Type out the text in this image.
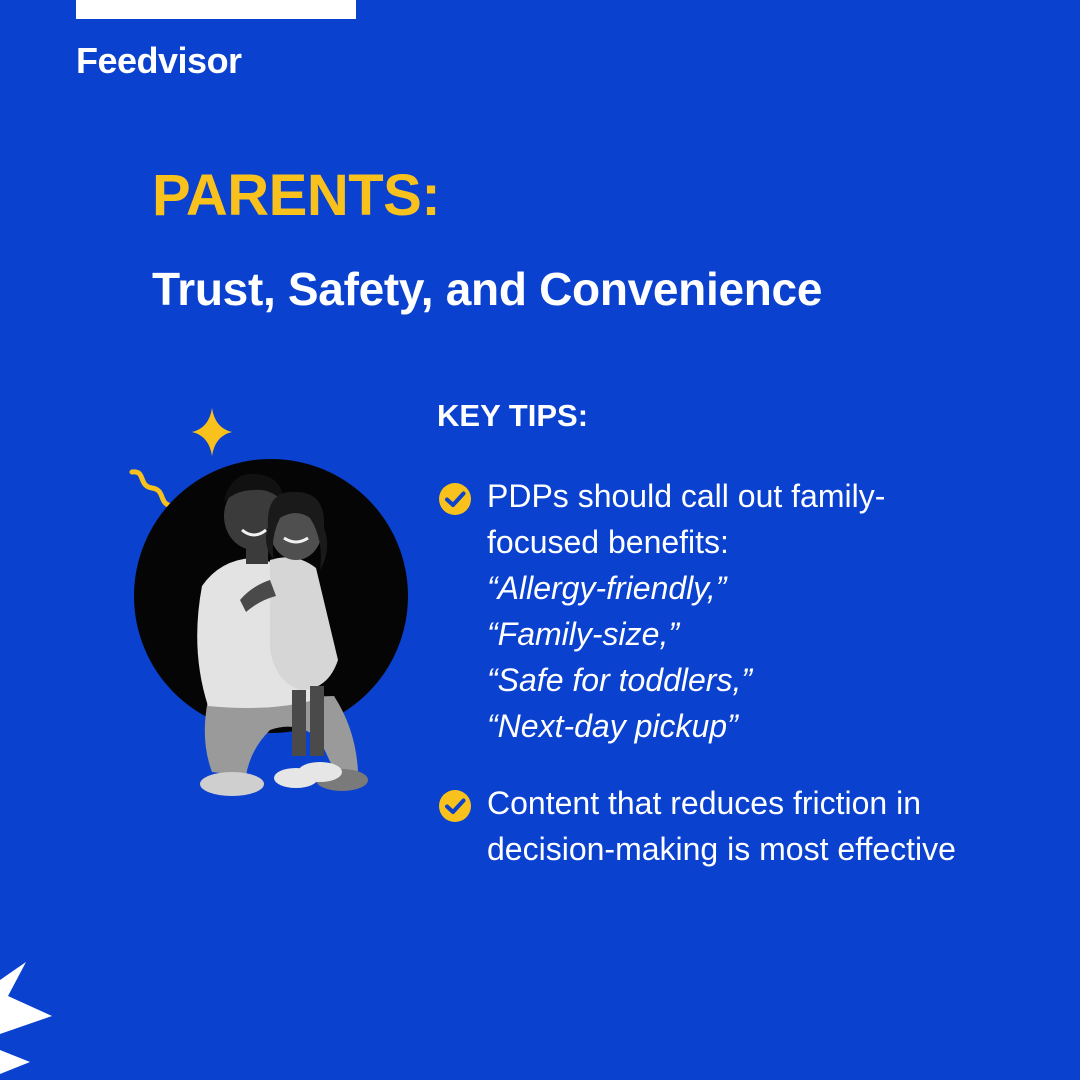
Feedvisor
PARENTS:
Trust, Safety, and Convenience
KEY TIPS:
PDPs should call out family-focused benefits:
“Allergy-friendly,”
“Family-size,”
“Safe for toddlers,”
“Next-day pickup”
Content that reduces friction in decision-making is most effective
